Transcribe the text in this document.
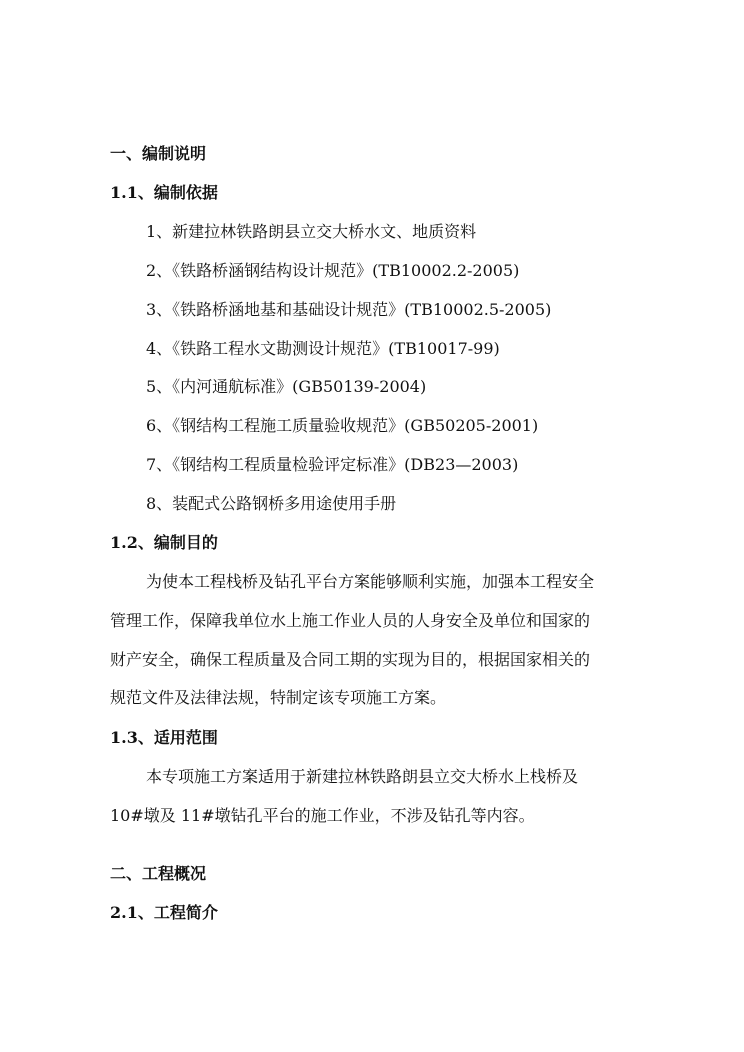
一、编制说明
1.1、编制依据
1、新建拉林铁路朗县立交大桥水文、地质资料
2、《铁路桥涵钢结构设计规范》(TB10002.2-2005)
3、《铁路桥涵地基和基础设计规范》(TB10002.5-2005)
4、《铁路工程水文勘测设计规范》(TB10017-99)
5、《内河通航标准》(GB50139-2004)
6、《钢结构工程施工质量验收规范》(GB50205-2001)
7、《钢结构工程质量检验评定标准》(DB23—2003)
8、装配式公路钢桥多用途使用手册
1.2、编制目的
为使本工程栈桥及钻孔平台方案能够顺利实施，加强本工程安全
管理工作，保障我单位水上施工作业人员的人身安全及单位和国家的
财产安全，确保工程质量及合同工期的实现为目的，根据国家相关的
规范文件及法律法规，特制定该专项施工方案。
1.3、适用范围
本专项施工方案适用于新建拉林铁路朗县立交大桥水上栈桥及
10#墩及 11#墩钻孔平台的施工作业，不涉及钻孔等内容。
二、工程概况
2.1、工程简介
